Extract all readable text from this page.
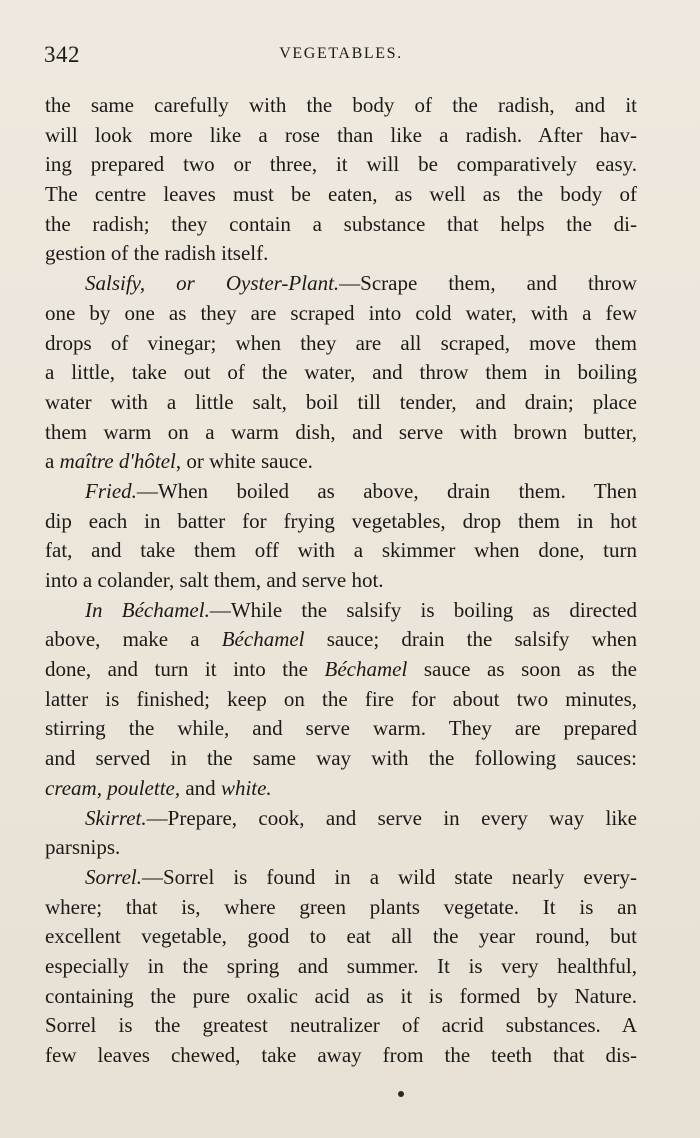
342	VEGETABLES.
the same carefully with the body of the radish, and it
will look more like a rose than like a radish. After hav-
ing prepared two or three, it will be comparatively easy.
The centre leaves must be eaten, as well as the body of
the radish; they contain a substance that helps the di-
gestion of the radish itself.
Salsify, or Oyster-Plant.—Scrape them, and throw
one by one as they are scraped into cold water, with a few
drops of vinegar; when they are all scraped, move them
a little, take out of the water, and throw them in boiling
water with a little salt, boil till tender, and drain; place
them warm on a warm dish, and serve with brown butter,
a maître d'hôtel, or white sauce.
Fried.—When boiled as above, drain them. Then
dip each in batter for frying vegetables, drop them in hot
fat, and take them off with a skimmer when done, turn
into a colander, salt them, and serve hot.
In Béchamel.—While the salsify is boiling as directed
above, make a Béchamel sauce; drain the salsify when
done, and turn it into the Béchamel sauce as soon as the
latter is finished; keep on the fire for about two minutes,
stirring the while, and serve warm. They are prepared
and served in the same way with the following sauces:
cream, poulette, and white.
Skirret.—Prepare, cook, and serve in every way like
parsnips.
Sorrel.—Sorrel is found in a wild state nearly every-
where; that is, where green plants vegetate. It is an
excellent vegetable, good to eat all the year round, but
especially in the spring and summer. It is very healthful,
containing the pure oxalic acid as it is formed by Nature.
Sorrel is the greatest neutralizer of acrid substances. A
few leaves chewed, take away from the teeth that dis-
